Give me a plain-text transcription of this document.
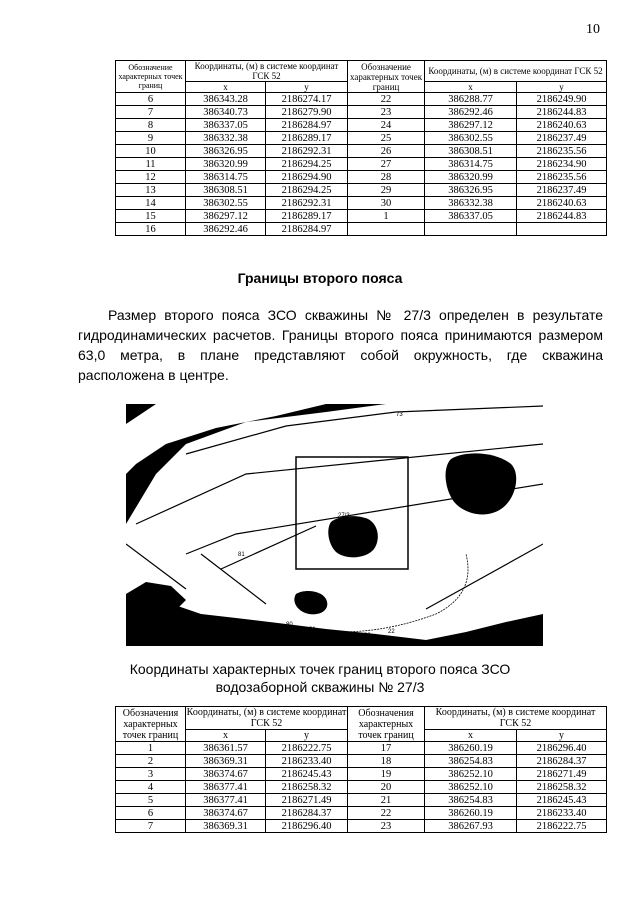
10
Обозначение характерных точек границ	Координаты, (м) в системе координат ГСК 52		Обозначение характерных точек границ	Координаты, (м) в системе координат ГСК 52	
	x	y		x	y
6	386343.28	2186274.17	22	386288.77	2186249.90
7	386340.73	2186279.90	23	386292.46	2186244.83
8	386337.05	2186284.97	24	386297.12	2186240.63
9	386332.38	2186289.17	25	386302.55	2186237.49
10	386326.95	2186292.31	26	386308.51	2186235.56
11	386320.99	2186294.25	27	386314.75	2186234.90
12	386314.75	2186294.90	28	386320.99	2186235.56
13	386308.51	2186294.25	29	386326.95	2186237.49
14	386302.55	2186292.31	30	386332.38	2186240.63
15	386297.12	2186289.17	1	386337.05	2186244.83
16	386292.46	2186284.97			
Границы второго пояса
Размер второго пояса ЗСО скважины № 27/3 определен в результате гидродинамических расчетов. Границы второго пояса принимаются размером 63,0 метра, в плане представляют собой окружность, где скважина расположена в центре.
27/3
93
93
81
80
31
28	30
22
73
Координаты характерных точек границ второго пояса ЗСО
водозаборной скважины № 27/3
Обозначения характерных точек границ	Координаты, (м) в системе координат ГСК 52		Обозначения характерных точек границ	Координаты, (м) в системе координат ГСК 52	
	x	y		x	y
1	386361.57	2186222.75	17	386260.19	2186296.40
2	386369.31	2186233.40	18	386254.83	2186284.37
3	386374.67	2186245.43	19	386252.10	2186271.49
4	386377.41	2186258.32	20	386252.10	2186258.32
5	386377.41	2186271.49	21	386254.83	2186245.43
6	386374.67	2186284.37	22	386260.19	2186233.40
7	386369.31	2186296.40	23	386267.93	2186222.75
